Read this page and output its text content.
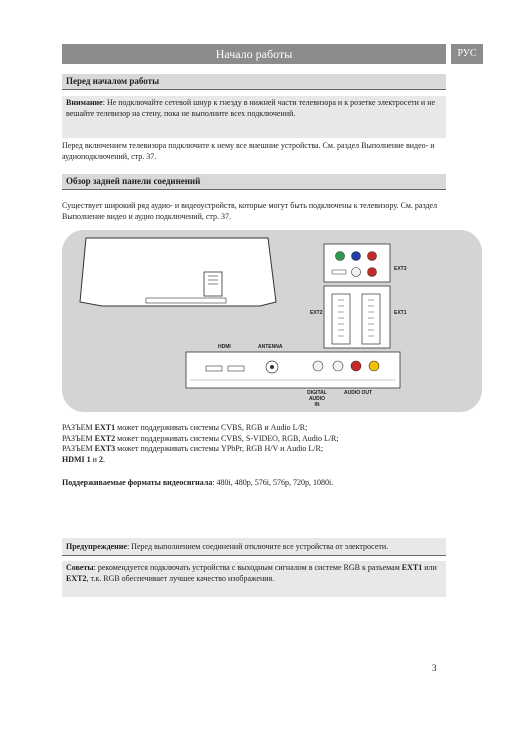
Начало работы	РУС
Перед началом работы
Внимание: Не подключайте сетевой шнур к гнезду в нижней части телевизора и к розетке электросети и не вешайте телевизор на стену, пока не выполните всех подключений.
Перед включением телевизора подключите к нему все внешние устройства. См. раздел Выполнение видео- и аудиоподключений, стр. 37.
Обзор задней панели соединений
Существует широкий ряд аудио- и видеоустройств, которые могут быть подключены к телевизору. См. раздел Выполнение видео и аудио подключений, стр. 37.
EXT3
EXT2	EXT1
HDMI	ANTENNA
DIGITAL
AUDIO
IN
AUDIO OUT
РАЗЪЕМ EXT1 может поддерживать системы CVBS, RGB и Audio L/R;
РАЗЪЕМ EXT2 может поддерживать системы CVBS, S-VIDEO, RGB, Audio L/R;
РАЗЪЕМ EXT3 может поддерживать системы YPbPr, RGB H/V и Audio L/R;
HDMI 1 и 2.
Поддерживаемые форматы видеосигнала: 480i, 480p, 576i, 576p, 720p, 1080i.
Предупреждение: Перед выполнением соединений отключите все устройства от электросети.
Советы: рекомендуется подключать устройства с выходным сигналом в системе RGB к разъемам EXT1 или EXT2, т.к. RGB обеспечивает лучшее качество изображения.
3
